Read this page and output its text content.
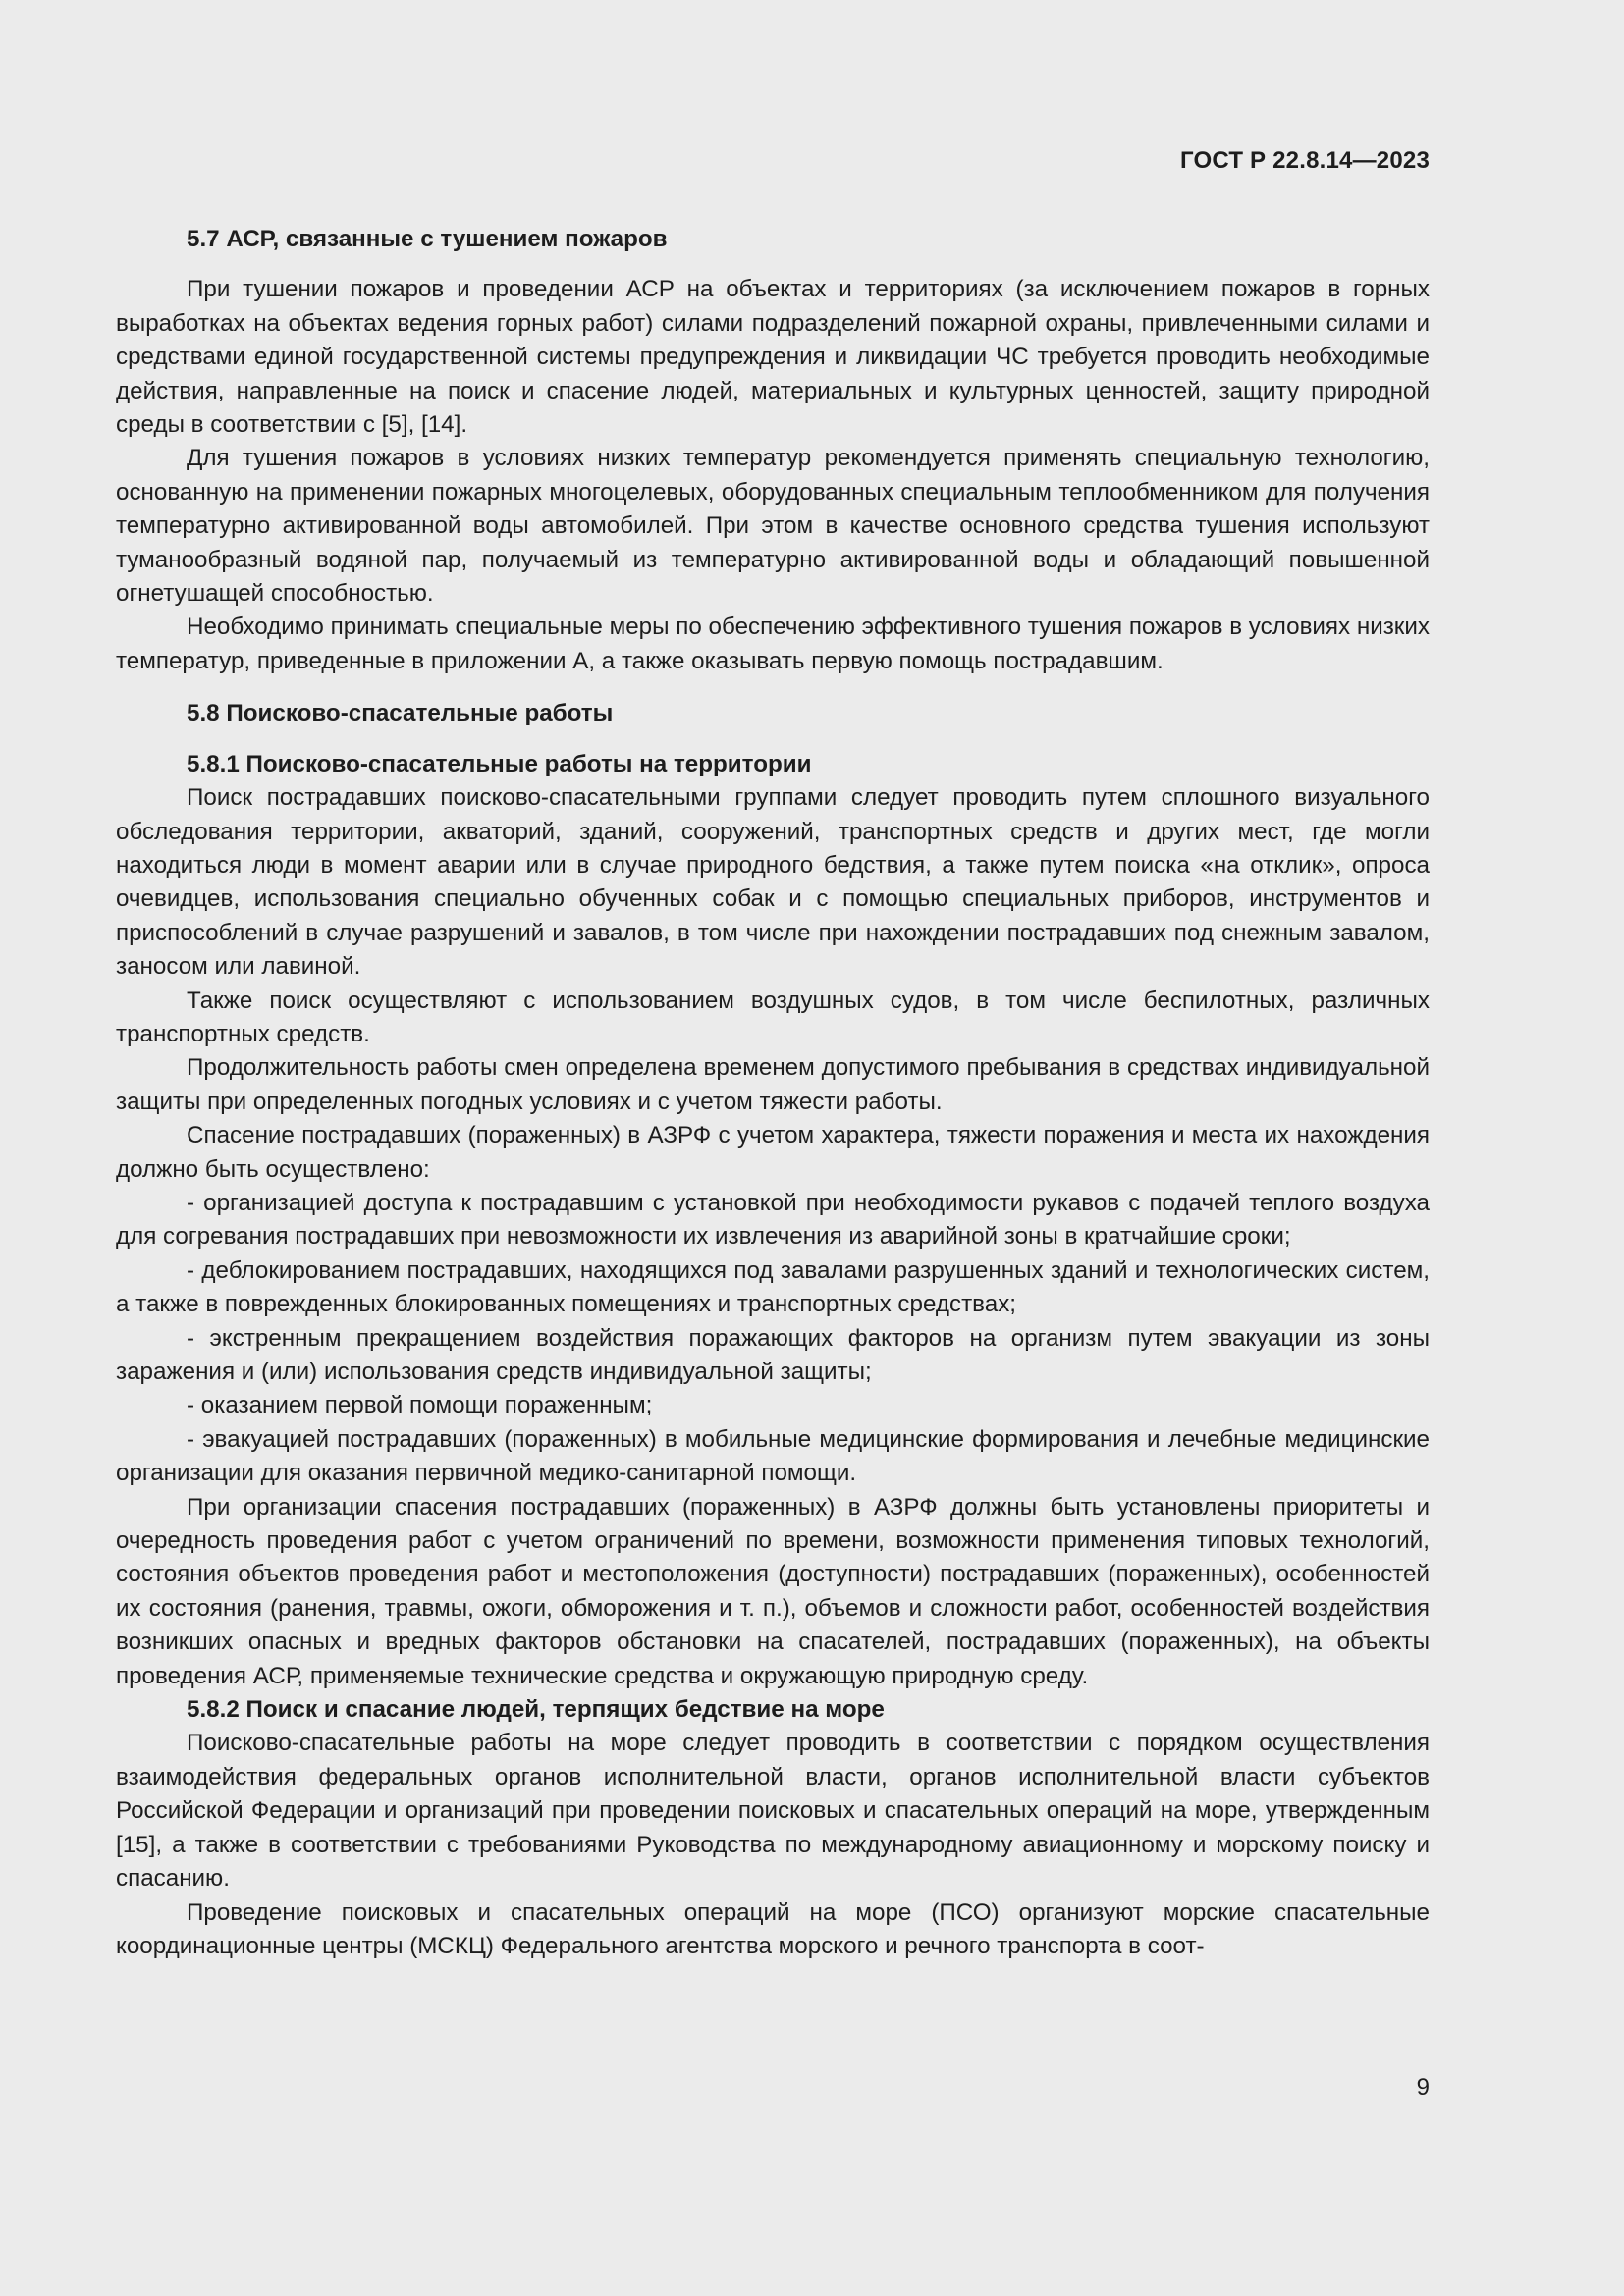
ГОСТ Р 22.8.14—2023
5.7 АСР, связанные с тушением пожаров

При тушении пожаров и проведении АСР на объектах и территориях (за исключением пожаров в горных выработках на объектах ведения горных работ) силами подразделений пожарной охраны, привлеченными силами и средствами единой государственной системы предупреждения и ликвидации ЧС требуется проводить необходимые действия, направленные на поиск и спасение людей, материальных и культурных ценностей, защиту природной среды в соответствии с [5], [14].

Для тушения пожаров в условиях низких температур рекомендуется применять специальную технологию, основанную на применении пожарных многоцелевых, оборудованных специальным теплообменником для получения температурно активированной воды автомобилей. При этом в качестве основного средства тушения используют туманообразный водяной пар, получаемый из температурно активированной воды и обладающий повышенной огнетушащей способностью.

Необходимо принимать специальные меры по обеспечению эффективного тушения пожаров в условиях низких температур, приведенные в приложении А, а также оказывать первую помощь пострадавшим.

5.8 Поисково-спасательные работы
5.8.1 Поисково-спасательные работы на территории

Поиск пострадавших поисково-спасательными группами следует проводить путем сплошного визуального обследования территории, акваторий, зданий, сооружений, транспортных средств и других мест, где могли находиться люди в момент аварии или в случае природного бедствия, а также путем поиска «на отклик», опроса очевидцев, использования специально обученных собак и с помощью специальных приборов, инструментов и приспособлений в случае разрушений и завалов, в том числе при нахождении пострадавших под снежным завалом, заносом или лавиной.

Также поиск осуществляют с использованием воздушных судов, в том числе беспилотных, различных транспортных средств.

Продолжительность работы смен определена временем допустимого пребывания в средствах индивидуальной защиты при определенных погодных условиях и с учетом тяжести работы.

Спасение пострадавших (пораженных) в АЗРФ с учетом характера, тяжести поражения и места их нахождения должно быть осуществлено:

- организацией доступа к пострадавшим с установкой при необходимости рукавов с подачей теплого воздуха для согревания пострадавших при невозможности их извлечения из аварийной зоны в кратчайшие сроки;

- деблокированием пострадавших, находящихся под завалами разрушенных зданий и технологических систем, а также в поврежденных блокированных помещениях и транспортных средствах;

- экстренным прекращением воздействия поражающих факторов на организм путем эвакуации из зоны заражения и (или) использования средств индивидуальной защиты;

- оказанием первой помощи пораженным;

- эвакуацией пострадавших (пораженных) в мобильные медицинские формирования и лечебные медицинские организации для оказания первичной медико-санитарной помощи.

При организации спасения пострадавших (пораженных) в АЗРФ должны быть установлены приоритеты и очередность проведения работ с учетом ограничений по времени, возможности применения типовых технологий, состояния объектов проведения работ и местоположения (доступности) пострадавших (пораженных), особенностей их состояния (ранения, травмы, ожоги, обморожения и т. п.), объемов и сложности работ, особенностей воздействия возникших опасных и вредных факторов обстановки на спасателей, пострадавших (пораженных), на объекты проведения АСР, применяемые технические средства и окружающую природную среду.

5.8.2 Поиск и спасание людей, терпящих бедствие на море

Поисково-спасательные работы на море следует проводить в соответствии с порядком осуществления взаимодействия федеральных органов исполнительной власти, органов исполнительной власти субъектов Российской Федерации и организаций при проведении поисковых и спасательных операций на море, утвержденным [15], а также в соответствии с требованиями Руководства по международному авиационному и морскому поиску и спасанию.

Проведение поисковых и спасательных операций на море (ПСО) организуют морские спасательные координационные центры (МСКЦ) Федерального агентства морского и речного транспорта в соот-

9
